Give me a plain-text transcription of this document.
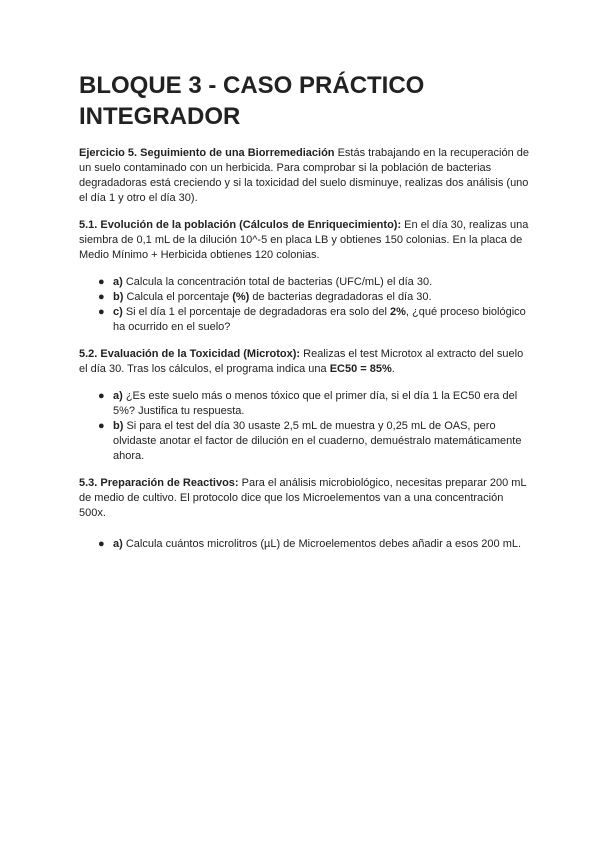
BLOQUE 3 - CASO PRÁCTICO INTEGRADOR

Ejercicio 5. Seguimiento de una Biorremediación Estás trabajando en la recuperación de un suelo contaminado con un herbicida. Para comprobar si la población de bacterias degradadoras está creciendo y si la toxicidad del suelo disminuye, realizas dos análisis (uno el día 1 y otro el día 30).

5.1. Evolución de la población (Cálculos de Enriquecimiento): En el día 30, realizas una siembra de 0,1 mL de la dilución 10^-5 en placa LB y obtienes 150 colonias. En la placa de Medio Mínimo + Herbicida obtienes 120 colonias.

● a) Calcula la concentración total de bacterias (UFC/mL) el día 30.
● b) Calcula el porcentaje (%) de bacterias degradadoras el día 30.
● c) Si el día 1 el porcentaje de degradadoras era solo del 2%, ¿qué proceso biológico ha ocurrido en el suelo?

5.2. Evaluación de la Toxicidad (Microtox): Realizas el test Microtox al extracto del suelo el día 30. Tras los cálculos, el programa indica una EC50 = 85%.

● a) ¿Es este suelo más o menos tóxico que el primer día, si el día 1 la EC50 era del 5%? Justifica tu respuesta.
● b) Si para el test del día 30 usaste 2,5 mL de muestra y 0,25 mL de OAS, pero olvidaste anotar el factor de dilución en el cuaderno, demuéstralo matemáticamente ahora.

5.3. Preparación de Reactivos: Para el análisis microbiológico, necesitas preparar 200 mL de medio de cultivo. El protocolo dice que los Microelementos van a una concentración 500x.

● a) Calcula cuántos microlitros (µL) de Microelementos debes añadir a esos 200 mL.
